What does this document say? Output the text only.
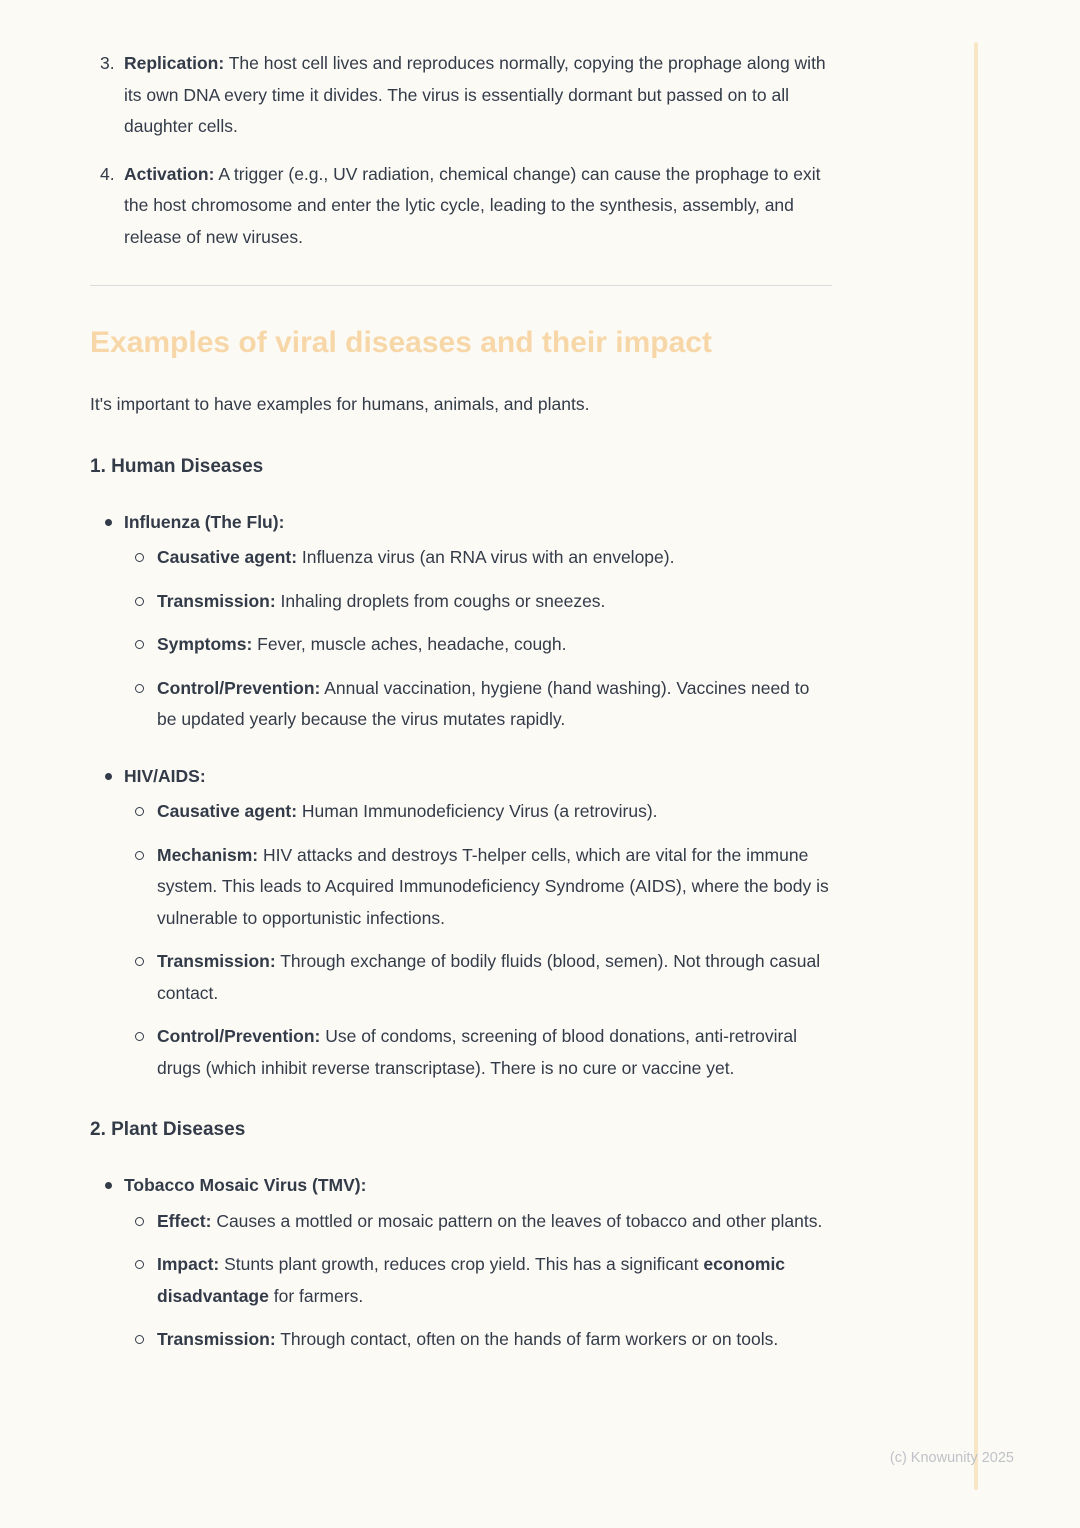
3. Replication: The host cell lives and reproduces normally, copying the prophage along with its own DNA every time it divides. The virus is essentially dormant but passed on to all daughter cells.
4. Activation: A trigger (e.g., UV radiation, chemical change) can cause the prophage to exit the host chromosome and enter the lytic cycle, leading to the synthesis, assembly, and release of new viruses.
Examples of viral diseases and their impact

It's important to have examples for humans, animals, and plants.

1. Human Diseases
Influenza (The Flu):
Causative agent: Influenza virus (an RNA virus with an envelope).
Transmission: Inhaling droplets from coughs or sneezes.
Symptoms: Fever, muscle aches, headache, cough.
Control/Prevention: Annual vaccination, hygiene (hand washing). Vaccines need to be updated yearly because the virus mutates rapidly.
HIV/AIDS:
Causative agent: Human Immunodeficiency Virus (a retrovirus).
Mechanism: HIV attacks and destroys T-helper cells, which are vital for the immune system. This leads to Acquired Immunodeficiency Syndrome (AIDS), where the body is vulnerable to opportunistic infections.
Transmission: Through exchange of bodily fluids (blood, semen). Not through casual contact.
Control/Prevention: Use of condoms, screening of blood donations, anti-retroviral drugs (which inhibit reverse transcriptase). There is no cure or vaccine yet.
2. Plant Diseases
Tobacco Mosaic Virus (TMV):
Effect: Causes a mottled or mosaic pattern on the leaves of tobacco and other plants.
Impact: Stunts plant growth, reduces crop yield. This has a significant economic disadvantage for farmers.
Transmission: Through contact, often on the hands of farm workers or on tools.
(c) Knowunity 2025
